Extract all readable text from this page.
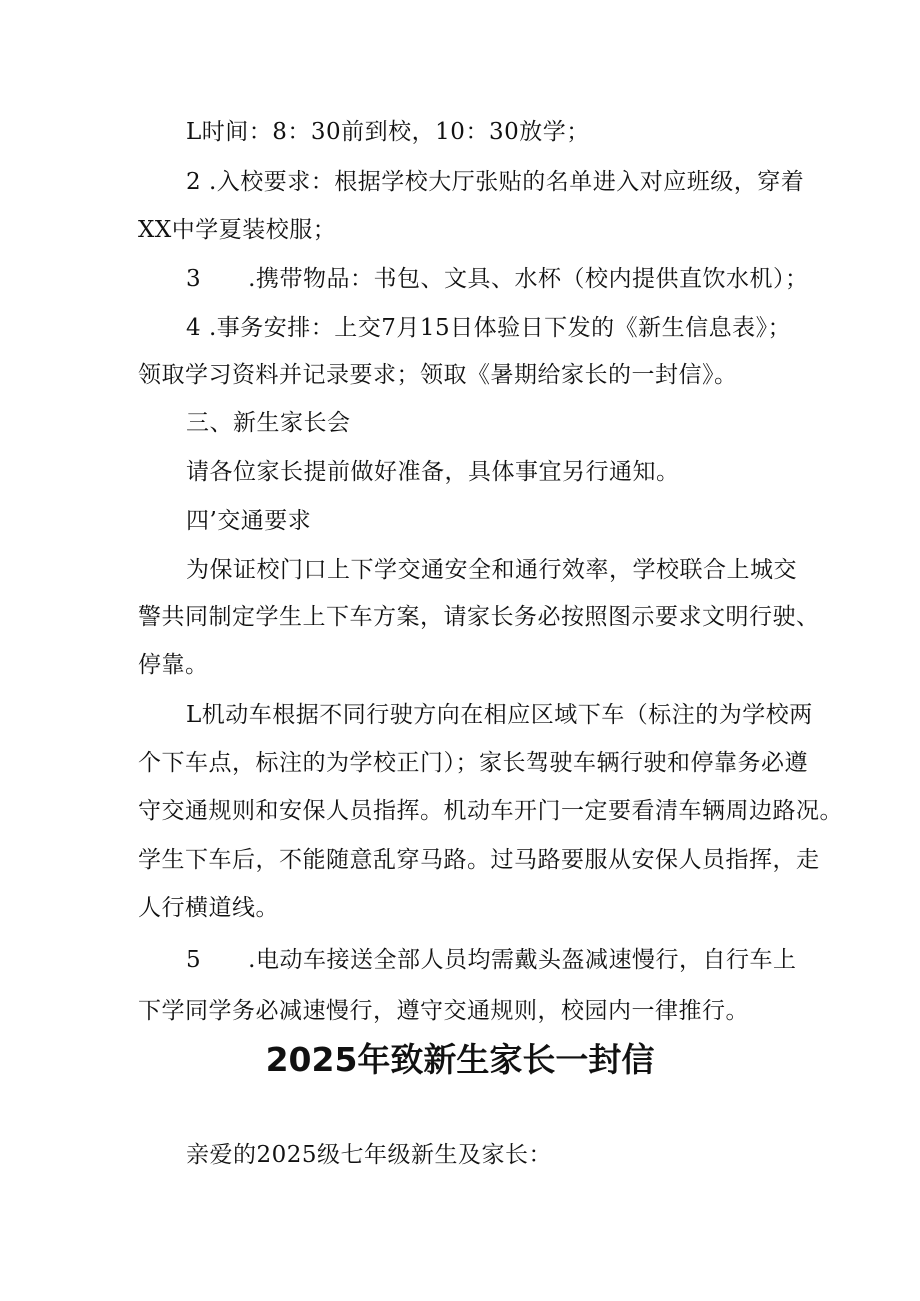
L时间：8：30前到校，10：30放学；

2 .入校要求：根据学校大厅张贴的名单进入对应班级，穿着

XX中学夏装校服；

3　　.携带物品：书包、文具、水杯（校内提供直饮水机）；

4 .事务安排：上交7月15日体验日下发的《新生信息表》；

领取学习资料并记录要求；领取《暑期给家长的一封信》。

三、新生家长会

请各位家长提前做好准备，具体事宜另行通知。

四’交通要求

为保证校门口上下学交通安全和通行效率，学校联合上城交

警共同制定学生上下车方案，请家长务必按照图示要求文明行驶、

停靠。

L机动车根据不同行驶方向在相应区域下车（标注的为学校两

个下车点，标注的为学校正门）；家长驾驶车辆行驶和停靠务必遵

守交通规则和安保人员指挥。机动车开门一定要看清车辆周边路况。

学生下车后，不能随意乱穿马路。过马路要服从安保人员指挥，走

人行横道线。

5　　.电动车接送全部人员均需戴头盔减速慢行，自行车上

下学同学务必减速慢行，遵守交通规则，校园内一律推行。

2025年致新生家长一封信

亲爱的2025级七年级新生及家长：
